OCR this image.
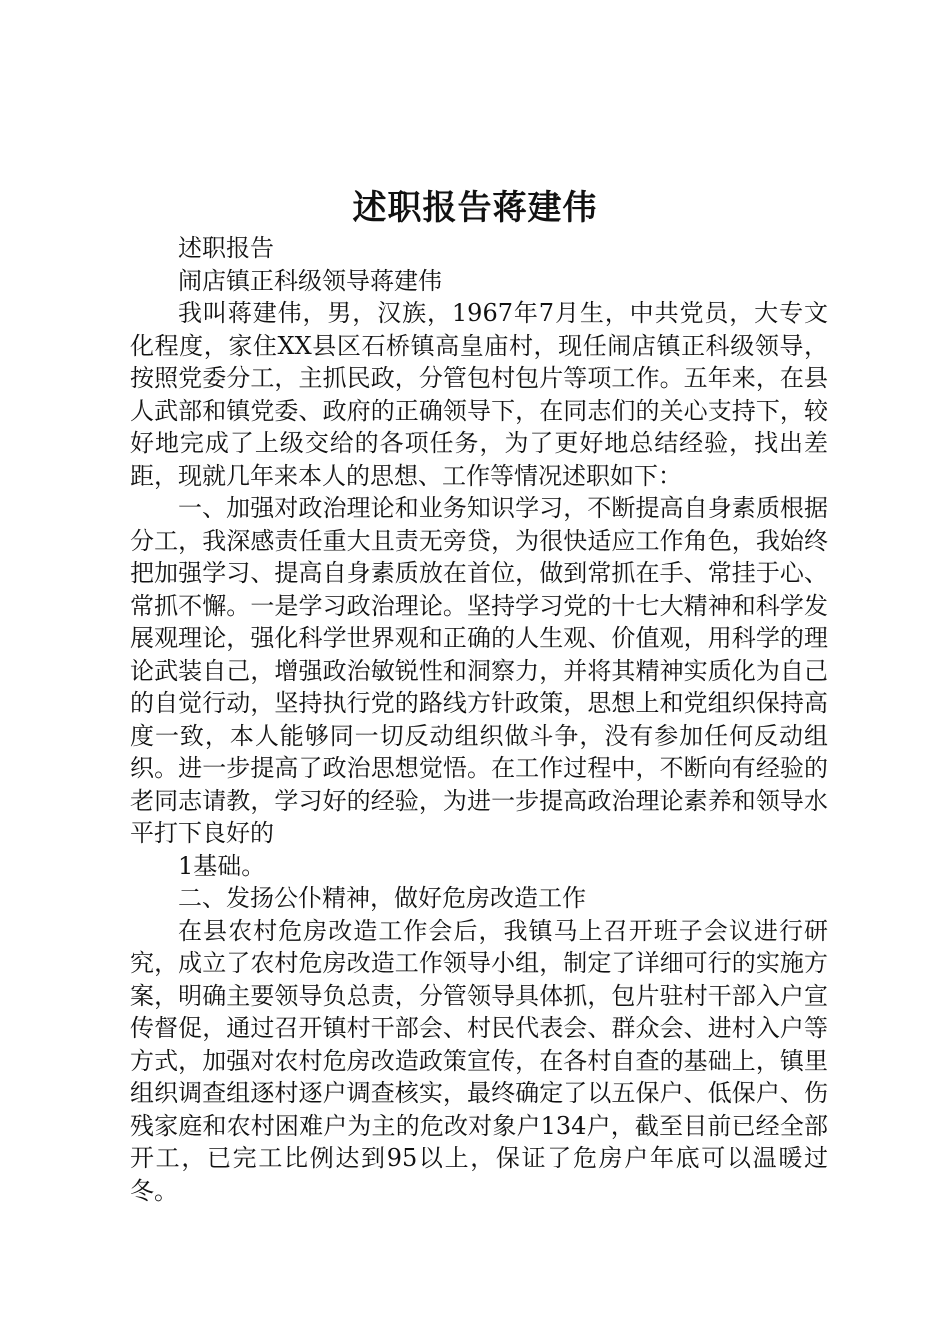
述职报告蒋建伟

述职报告

闹店镇正科级领导蒋建伟

我叫蒋建伟，男，汉族，1967年7月生，中共党员，大专文化程度，家住XX县区石桥镇高皇庙村，现任闹店镇正科级领导，按照党委分工，主抓民政，分管包村包片等项工作。五年来，在县人武部和镇党委、政府的正确领导下，在同志们的关心支持下，较好地完成了上级交给的各项任务，为了更好地总结经验，找出差距，现就几年来本人的思想、工作等情况述职如下：

一、加强对政治理论和业务知识学习，不断提高自身素质根据分工，我深感责任重大且责无旁贷，为很快适应工作角色，我始终把加强学习、提高自身素质放在首位，做到常抓在手、常挂于心、常抓不懈。一是学习政治理论。坚持学习党的十七大精神和科学发展观理论，强化科学世界观和正确的人生观、价值观，用科学的理论武装自己，增强政治敏锐性和洞察力，并将其精神实质化为自己的自觉行动，坚持执行党的路线方针政策，思想上和党组织保持高度一致，本人能够同一切反动组织做斗争，没有参加任何反动组织。进一步提高了政治思想觉悟。在工作过程中，不断向有经验的老同志请教，学习好的经验，为进一步提高政治理论素养和领导水平打下良好的

1基础。

二、发扬公仆精神，做好危房改造工作

在县农村危房改造工作会后，我镇马上召开班子会议进行研究，成立了农村危房改造工作领导小组，制定了详细可行的实施方案，明确主要领导负总责，分管领导具体抓，包片驻村干部入户宣传督促，通过召开镇村干部会、村民代表会、群众会、进村入户等方式，加强对农村危房改造政策宣传，在各村自查的基础上，镇里组织调查组逐村逐户调查核实，最终确定了以五保户、低保户、伤残家庭和农村困难户为主的危改对象户134户，截至目前已经全部开工，已完工比例达到95以上，保证了危房户年底可以温暖过冬。
